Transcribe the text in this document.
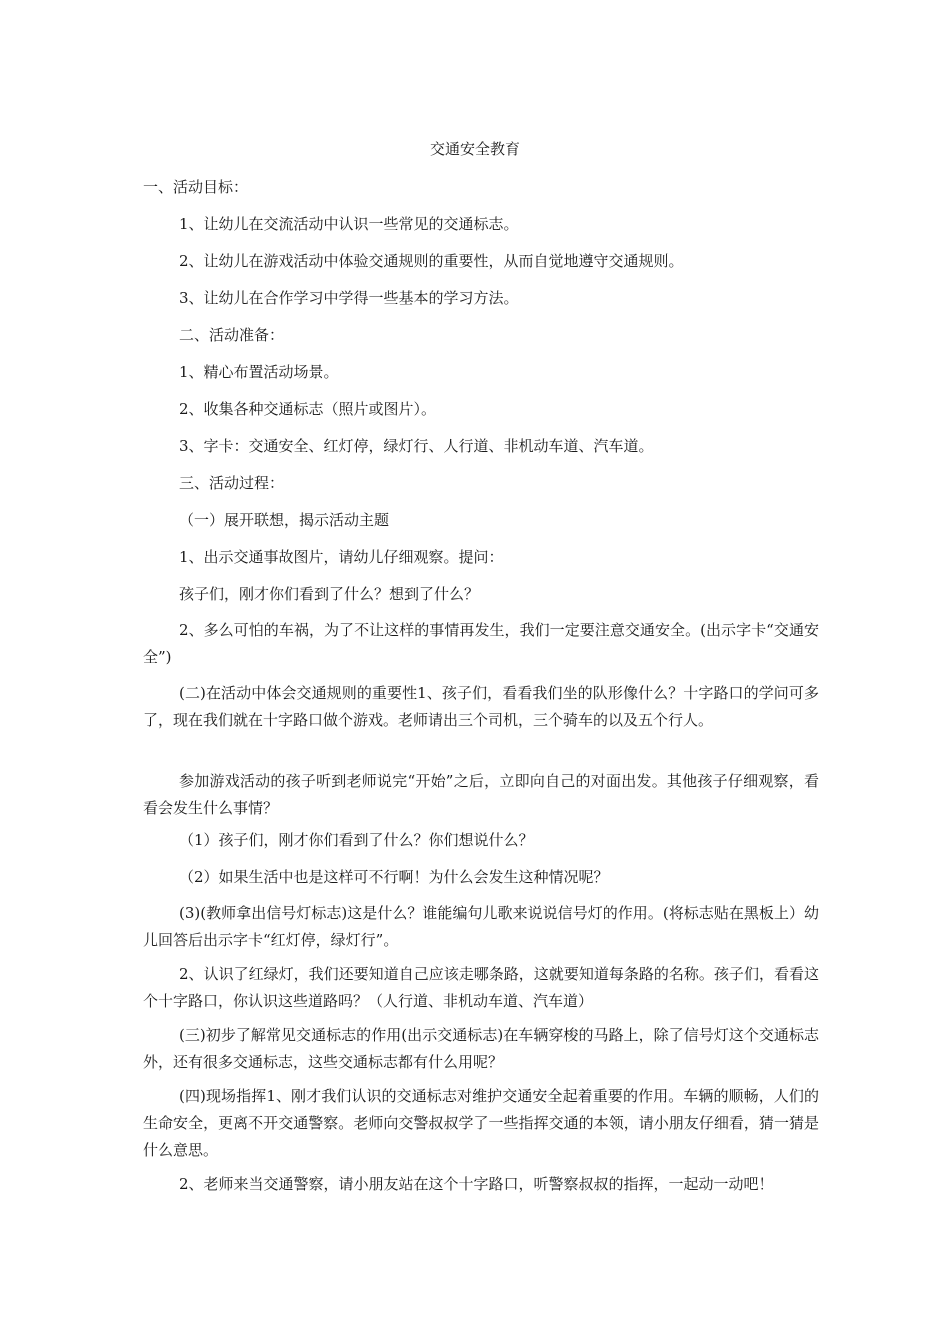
交通安全教育
一、活动目标：
1、让幼儿在交流活动中认识一些常见的交通标志。
2、让幼儿在游戏活动中体验交通规则的重要性，从而自觉地遵守交通规则。
3、让幼儿在合作学习中学得一些基本的学习方法。
二、活动准备：
1、精心布置活动场景。
2、收集各种交通标志（照片或图片）。
3、字卡：交通安全、红灯停，绿灯行、人行道、非机动车道、汽车道。
三、活动过程：
（一）展开联想，揭示活动主题
1、出示交通事故图片，请幼儿仔细观察。提问：
孩子们，刚才你们看到了什么？想到了什么？
2、多么可怕的车祸，为了不让这样的事情再发生，我们一定要注意交通安全。(出示字卡“交通安全”)
(二)在活动中体会交通规则的重要性1、孩子们，看看我们坐的队形像什么？十字路口的学问可多了，现在我们就在十字路口做个游戏。老师请出三个司机，三个骑车的以及五个行人。
参加游戏活动的孩子听到老师说完“开始”之后，立即向自己的对面出发。其他孩子仔细观察，看看会发生什么事情？
（1）孩子们，刚才你们看到了什么？你们想说什么？
（2）如果生活中也是这样可不行啊！为什么会发生这种情况呢？
(3)(教师拿出信号灯标志)这是什么？谁能编句儿歌来说说信号灯的作用。(将标志贴在黑板上）幼儿回答后出示字卡“红灯停，绿灯行”。
2、认识了红绿灯，我们还要知道自己应该走哪条路，这就要知道每条路的名称。孩子们，看看这个十字路口，你认识这些道路吗？（人行道、非机动车道、汽车道）
(三)初步了解常见交通标志的作用(出示交通标志)在车辆穿梭的马路上，除了信号灯这个交通标志外，还有很多交通标志，这些交通标志都有什么用呢？
(四)现场指挥1、刚才我们认识的交通标志对维护交通安全起着重要的作用。车辆的顺畅，人们的生命安全，更离不开交通警察。老师向交警叔叔学了一些指挥交通的本领，请小朋友仔细看，猜一猜是什么意思。
2、老师来当交通警察，请小朋友站在这个十字路口，听警察叔叔的指挥，一起动一动吧！
